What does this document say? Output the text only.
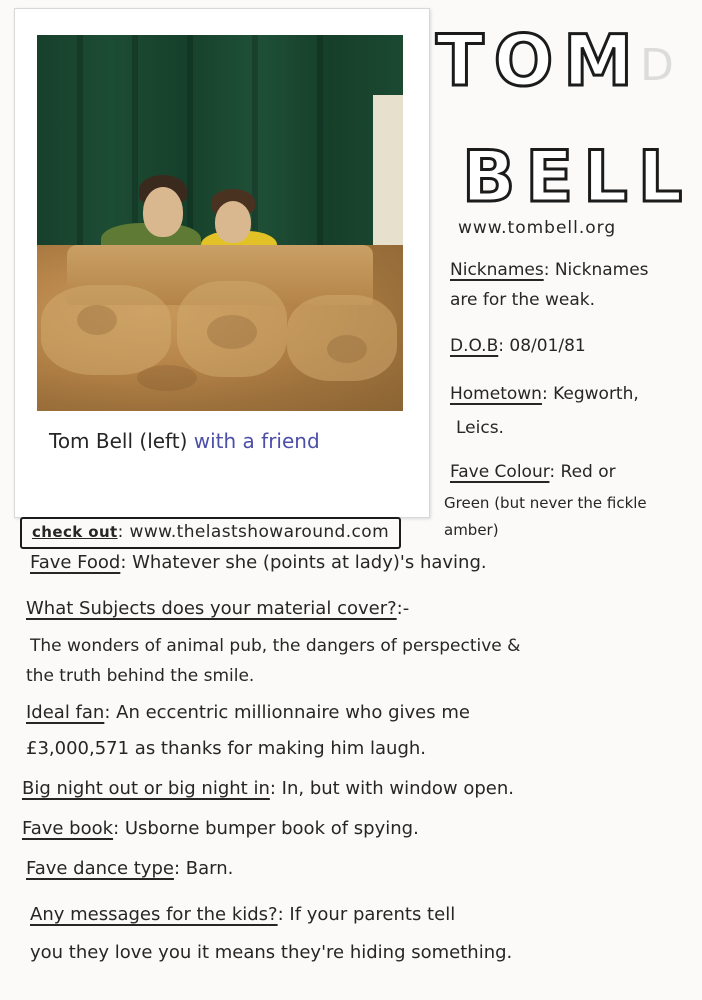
D
Tom Bell (left) with a friend
TOM
BELL
www.tombell.org
Nicknames: Nicknames
are for the weak.
D.O.B: 08/01/81
Hometown: Kegworth,
Leics.
Fave Colour: Red or
Green (but never the fickle
amber)
check out: www.thelastshowaround.com
Fave Food: Whatever she (points at lady)'s having.
What Subjects does your material cover?:-
The wonders of animal pub, the dangers of perspective &
the truth behind the smile.
Ideal fan: An eccentric millionnaire who gives me
£3,000,571 as thanks for making him laugh.
Big night out or big night in: In, but with window open.
Fave book: Usborne bumper book of spying.
Fave dance type: Barn.
Any messages for the kids?: If your parents tell
you they love you it means they're hiding something.
